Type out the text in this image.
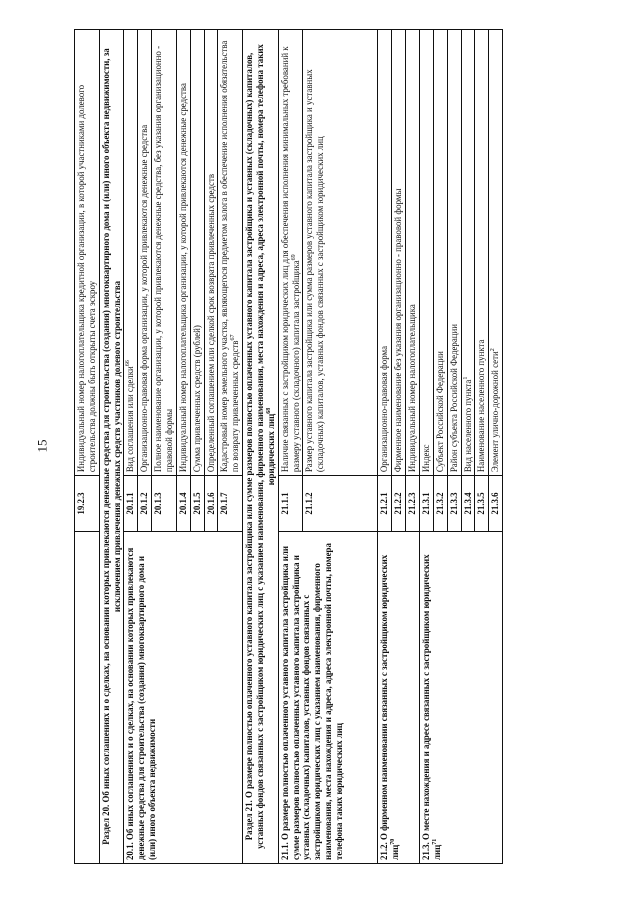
15
	19.2.3	Индивидуальный номер налогоплательщика кредитной организации, в которой участниками долевого строительства должны быть открыты счета эскроу
Раздел 20. Об иных соглашениях и о сделках, на основании которых привлекаются денежные средства для строительства (создания) многоквартирного дома и (или) иного объекта недвижимости, за исключением привлечения денежных средств участников долевого строительства		
20.1. Об иных соглашениях и о сделках, на основании которых привлекаются денежные средства для строительства (создания) многоквартирного дома и (или) иного объекта недвижимости	20.1.1	Вид соглашения или сделки$^{66}$
	20.1.2	Организационно-правовая форма организации, у которой привлекаются денежные средства
	20.1.3	Полное наименование организации, у которой привлекаются денежные средства, без указания организационно - правовой формы
	20.1.4	Индивидуальный номер налогоплательщика организации, у которой привлекаются денежные средства
	20.1.5	Сумма привлеченных средств (рублей)
	20.1.6	Определенный соглашением или сделкой срок возврата привлеченных средств
	20.1.7	Кадастровый номер земельного участка, являющегося предметом залога в обеспечение исполнения обязательства по возврату привлеченных средств$^{67}$
Раздел 21. О размере полностью оплаченного уставного капитала застройщика или сумме размеров полностью оплаченных уставного капитала застройщика и уставных (складочных) капиталов, уставных фондов связанных с застройщиком юридических лиц с указанием наименования, фирменного наименования, места нахождения и адреса, адреса электронной почты, номера телефона таких юридических лиц$^{68}$
21.1. О размере полностью оплаченного уставного капитала застройщика или сумме размеров полностью оплаченных уставного капитала застройщика и уставных (складочных) капиталов, уставных фондов связанных с застройщиком юридических лиц с указанием наименования, фирменного наименования, места нахождения и адреса, адреса электронной почты, номера телефона таких юридических лиц	21.1.1	Наличие связанных с застройщиком юридических лиц для обеспечения исполнения минимальных требований к размеру уставного (складочного) капитала застройщика$^{69}$
	21.1.2	Размер уставного капитала застройщика или сумма размеров уставного капитала застройщика и уставных (складочных) капиталов, уставных фондов связанных с застройщиком юридических лиц
21.2. О фирменном наименовании связанных с застройщиком юридических лиц$^{70}$	21.2.1	Организационно-правовая форма
	21.2.2	Фирменное наименование без указания организационно - правовой формы
	21.2.3	Индивидуальный номер налогоплательщика
21.3. О месте нахождения и адресе связанных с застройщиком юридических лиц$^{71}$	21.3.1	Индекс
	21.3.2	Субъект Российской Федерации
	21.3.3	Район субъекта Российской Федерации
	21.3.4	Вид населенного пункта$^1$
	21.3.5	Наименование населенного пункта
	21.3.6	Элемент улично-дорожной сети$^2$
